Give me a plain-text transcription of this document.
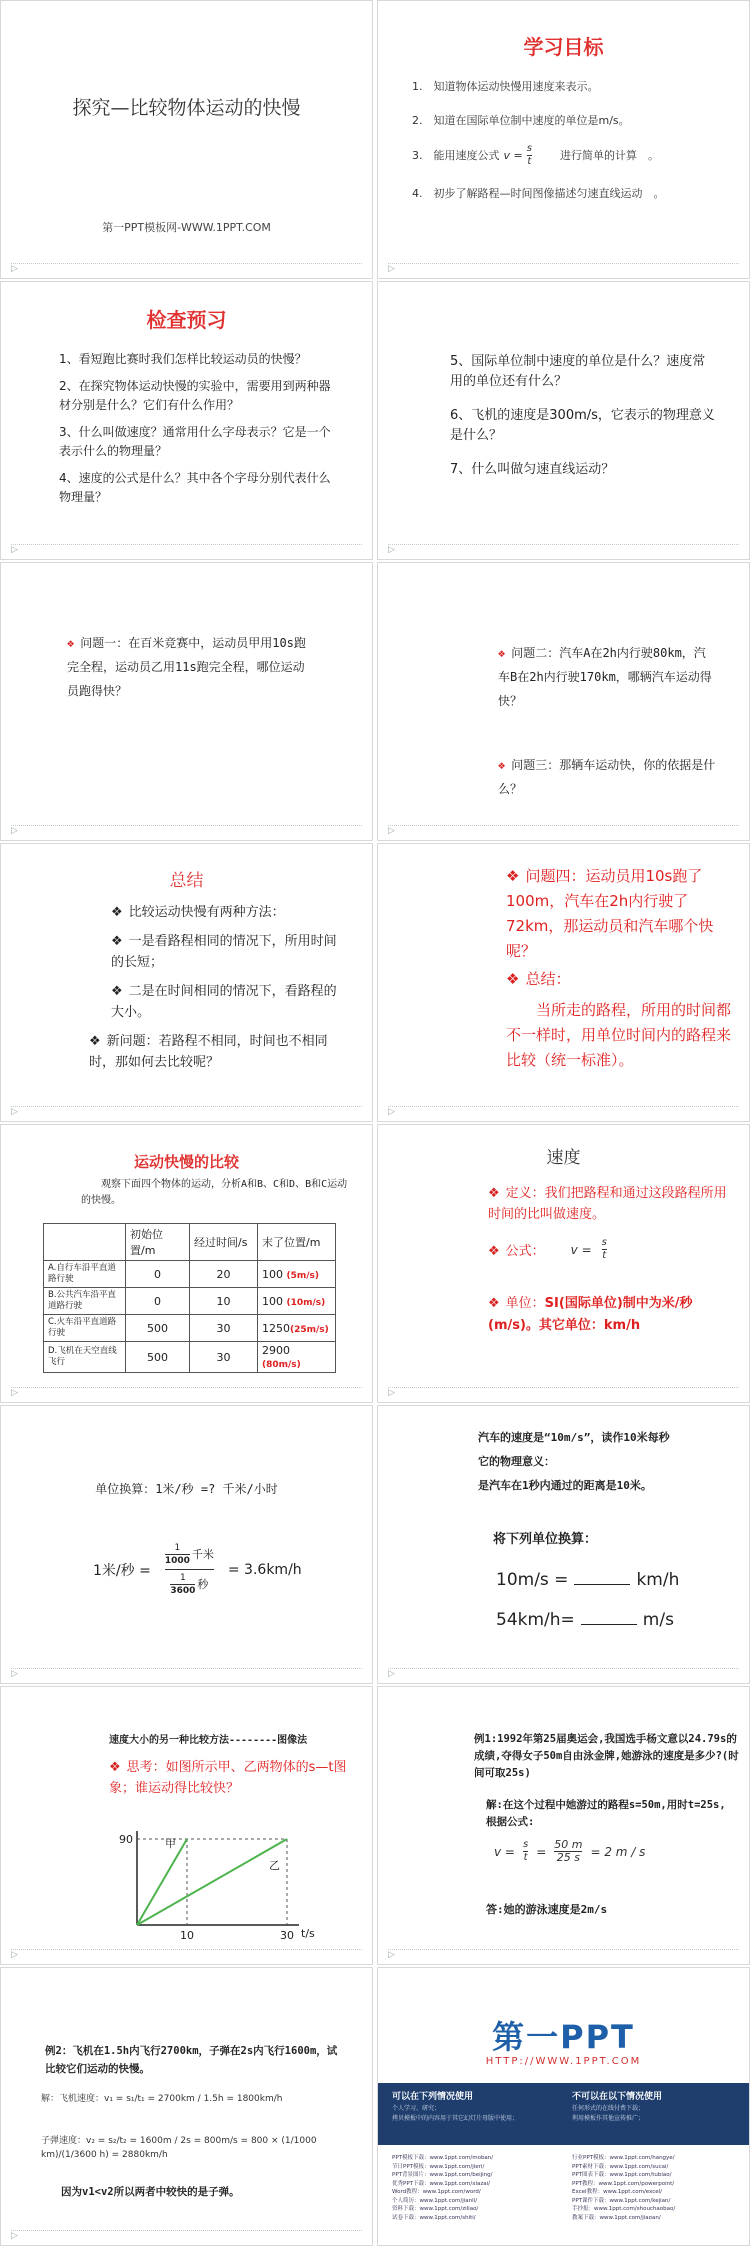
探究—比较物体运动的快慢
第一PPT模板网-WWW.1PPT.COM
▷
学习目标
1.　知道物体运动快慢用速度来表示。
2.　知道在国际单位制中速度的单位是m/s。
3.　能用速度公式 $v = \frac{s}{t}$	进行简单的计算　。
4.　初步了解路程—时间图像描述匀速直线运动　。
▷
检查预习
1、看短跑比赛时我们怎样比较运动员的快慢？
2、在探究物体运动快慢的实验中，需要用到两种器材分别是什么？它们有什么作用？
3、什么叫做速度？通常用什么字母表示？它是一个表示什么的物理量？
4、速度的公式是什么？其中各个字母分别代表什么物理量？
▷
5、国际单位制中速度的单位是什么？速度常用的单位还有什么？
6、飞机的速度是300m/s，它表示的物理意义是什么？
7、什么叫做匀速直线运动？
▷
❖ 问题一：在百米竞赛中，运动员甲用10s跑完全程，运动员乙用11s跑完全程，哪位运动员跑得快？
▷
❖ 问题二：汽车A在2h内行驶80km，汽车B在2h内行驶170km，哪辆汽车运动得快？
❖ 问题三：那辆车运动快，你的依据是什么？
▷
总结
❖ 比较运动快慢有两种方法：
❖ 一是看路程相同的情况下，所用时间的长短；
❖ 二是在时间相同的情况下，看路程的大小。
❖ 新问题：若路程不相同，时间也不相同时，那如何去比较呢？
▷
❖ 问题四：运动员用10s跑了100m，汽车在2h内行驶了72km，那运动员和汽车哪个快呢？
❖ 总结：
当所走的路程，所用的时间都不一样时，用单位时间内的路程来比较（统一标准）。
▷
运动快慢的比较
观察下面四个物体的运动，分析A和B、C和D、B和C运动的快慢。
	初始位置/m	经过时间/s	末了位置/m
A.自行车沿平直道路行驶	0	20	100 (5m/s)
B.公共汽车沿平直道路行驶	0	10	100 (10m/s)
C.火车沿平直道路行驶	500	30	1250(25m/s)
D.飞机在天空直线飞行	500	30	2900 (80m/s)
▷
速度
❖ 定义：我们把路程和通过这段路程所用时间的比叫做速度。
❖ 公式： $v = \frac{s}{t}$
❖ 单位：SI(国际单位)制中为米/秒(m/s)。其它单位：km/h
▷
单位换算：1米/秒 =? 千米/小时
1米/秒 = $\frac{\frac{1}{1000} 千米}{\frac{1}{3600} 秒} = 3.6km/h$
▷
汽车的速度是“10m/s”，读作10米每秒
它的物理意义：
是汽车在1秒内通过的距离是10米。
将下列单位换算：
10m/s =	km/h
54km/h=	m/s
▷
速度大小的另一种比较方法--------图像法
❖ 思考：如图所示甲、乙两物体的s—t图象；谁运动得比较快？
甲
乙
90
10	30 t/s
▷
例1:1992年第25届奥运会,我国选手杨文意以24.79s的成绩,夺得女子50m自由泳金牌,她游泳的速度是多少?(时间可取25s)
解:在这个过程中她游过的路程s=50m,用时t=25s,根据公式:
$v = \frac{s}{t} = \frac{50 m}{25 s} = 2$ m / s
答:她的游泳速度是2m/s
▷
例2：飞机在1.5h内飞行2700km，子弹在2s内飞行1600m，试比较它们运动的快慢。
解：飞机速度：v₁ = s₁/t₁ = 2700km / 1.5h = 1800km/h
子弹速度：v₂ = s₂/t₂ = 1600m / 2s = 800m/s = 800 × (1/1000 km)/(1/3600 h) = 2880km/h
因为v1<v2所以两者中较快的是子弹。
▷
第一PPT
HTTP://WWW.1PPT.COM
可以在下列情况使用
个人学习、研究；
拷贝模板中的内容用于其它幻灯片母版中使用；
不可以在以下情况使用
任何形式的在线付费下载；
利用模板作其他宣传推广；
PPT模板下载：www.1ppt.com/moban/
节日PPT模板：www.1ppt.com/jieri/
PPT背景图片：www.1ppt.com/beijing/
优秀PPT下载：www.1ppt.com/xiazai/
Word教程：www.1ppt.com/word/
个人简历：www.1ppt.com/jianli/
资料下载：www.1ppt.com/ziliao/
试卷下载：www.1ppt.com/shiti/
行业PPT模板：www.1ppt.com/hangye/
PPT素材下载：www.1ppt.com/sucai/
PPT图表下载：www.1ppt.com/tubiao/
PPT教程：www.1ppt.com/powerpoint/
Excel教程：www.1ppt.com/excel/
PPT课件下载：www.1ppt.com/kejian/
手抄报：www.1ppt.com/shouchaobao/
教案下载：www.1ppt.com/jiaoan/
